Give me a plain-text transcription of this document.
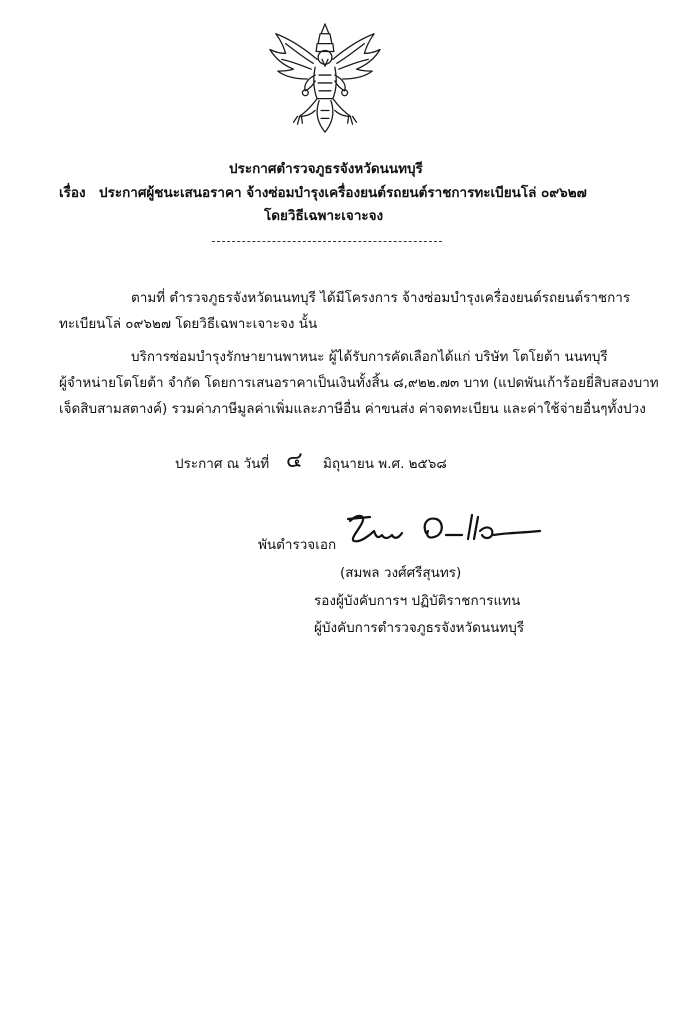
ประกาศตำรวจภูธรจังหวัดนนทบุรี
เรื่อง ประกาศผู้ชนะเสนอราคา จ้างซ่อมบำรุงเครื่องยนต์รถยนต์ราชการทะเบียนโล่ ๐๙๖๒๗
โดยวิธีเฉพาะเจาะจง
ตามที่ ตำรวจภูธรจังหวัดนนทบุรี ได้มีโครงการ จ้างซ่อมบำรุงเครื่องยนต์รถยนต์ราชการ
ทะเบียนโล่ ๐๙๖๒๗ โดยวิธีเฉพาะเจาะจง นั้น
บริการซ่อมบำรุงรักษายานพาหนะ ผู้ได้รับการคัดเลือกได้แก่ บริษัท โตโยต้า นนทบุรี
ผู้จำหน่ายโตโยต้า จำกัด โดยการเสนอราคาเป็นเงินทั้งสิ้น ๘,๙๒๒.๗๓ บาท (แปดพันเก้าร้อยยี่สิบสองบาท
เจ็ดสิบสามสตางค์) รวมค่าภาษีมูลค่าเพิ่มและภาษีอื่น ค่าขนส่ง ค่าจดทะเบียน และค่าใช้จ่ายอื่นๆทั้งปวง
ประกาศ ณ วันที่ ๔ มิถุนายน พ.ศ. ๒๕๖๘
พันตำรวจเอก
(สมพล วงศ์ศรีสุนทร)
รองผู้บังคับการฯ ปฏิบัติราชการแทน
ผู้บังคับการตำรวจภูธรจังหวัดนนทบุรี
